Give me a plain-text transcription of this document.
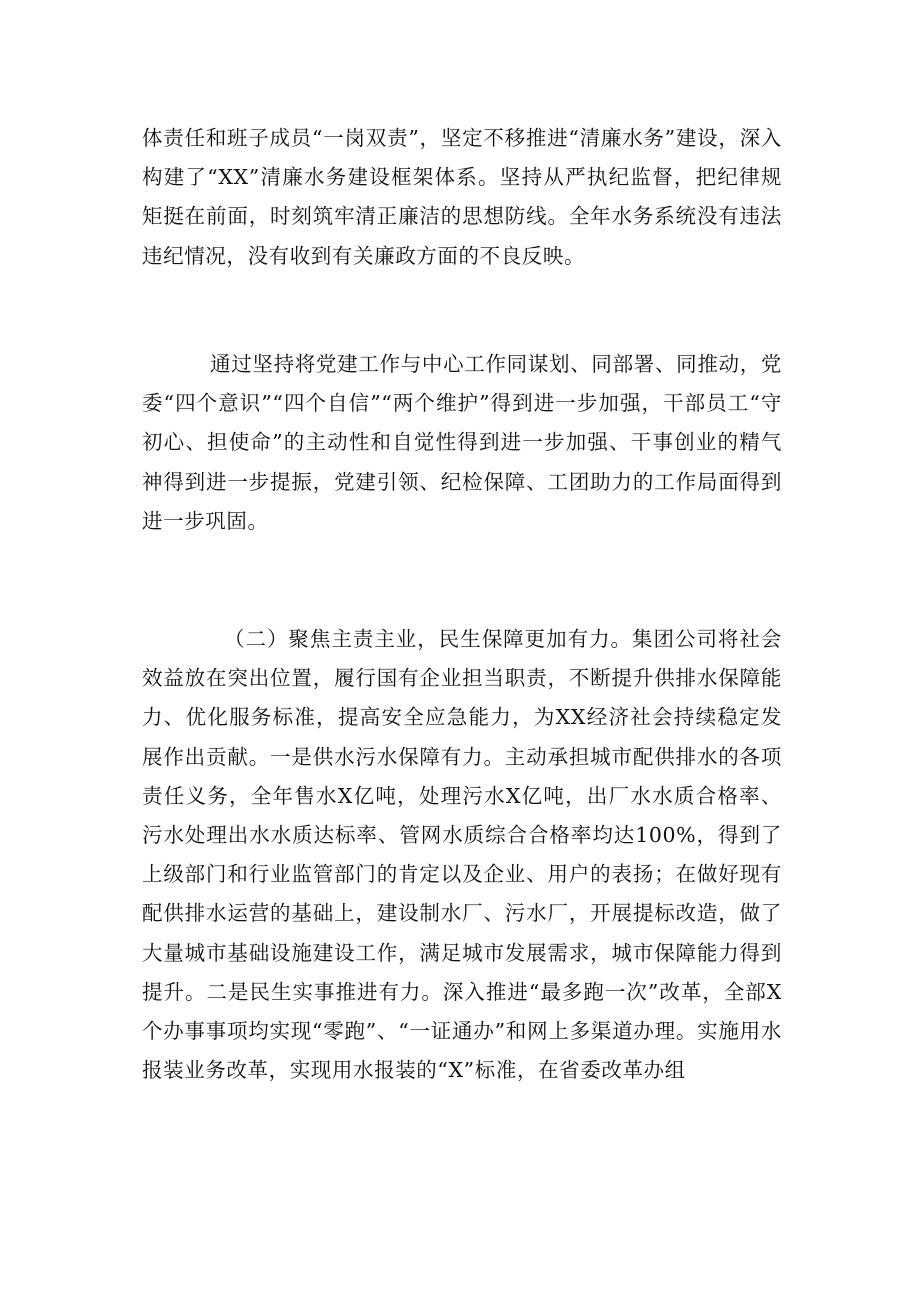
体责任和班子成员“一岗双责”，坚定不移推进“清廉水务”建设，深入构建了“XX”清廉水务建设框架体系。坚持从严执纪监督，把纪律规矩挺在前面，时刻筑牢清正廉洁的思想防线。全年水务系统没有违法违纪情况，没有收到有关廉政方面的不良反映。

通过坚持将党建工作与中心工作同谋划、同部署、同推动，党委“四个意识”“四个自信”“两个维护”得到进一步加强，干部员工“守初心、担使命”的主动性和自觉性得到进一步加强、干事创业的精气神得到进一步提振，党建引领、纪检保障、工团助力的工作局面得到进一步巩固。

（二）聚焦主责主业，民生保障更加有力。集团公司将社会效益放在突出位置，履行国有企业担当职责，不断提升供排水保障能力、优化服务标准，提高安全应急能力，为XX经济社会持续稳定发展作出贡献。一是供水污水保障有力。主动承担城市配供排水的各项责任义务，全年售水X亿吨，处理污水X亿吨，出厂水水质合格率、污水处理出水水质达标率、管网水质综合合格率均达100%，得到了上级部门和行业监管部门的肯定以及企业、用户的表扬；在做好现有配供排水运营的基础上，建设制水厂、污水厂，开展提标改造，做了大量城市基础设施建设工作，满足城市发展需求，城市保障能力得到提升。二是民生实事推进有力。深入推进“最多跑一次”改革，全部X个办事事项均实现“零跑”、“一证通办”和网上多渠道办理。实施用水报装业务改革，实现用水报装的“X”标准，在省委改革办组
